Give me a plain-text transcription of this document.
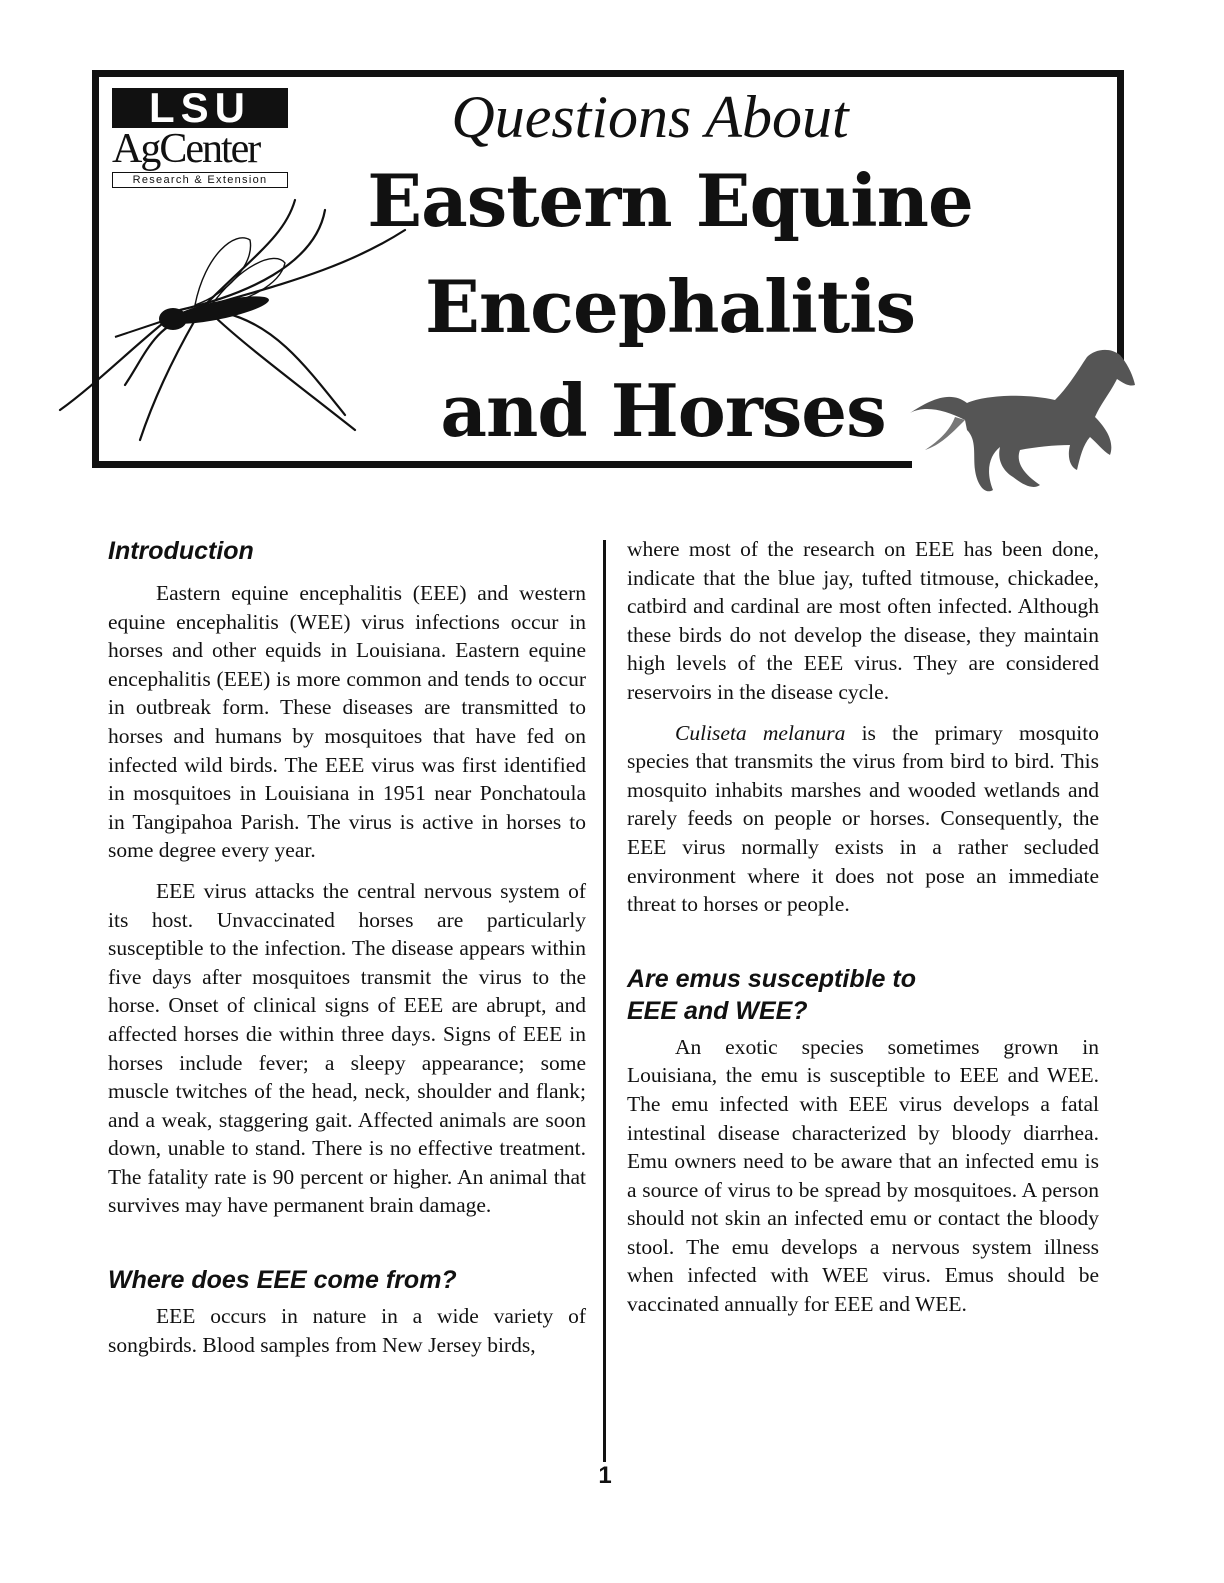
LSU
AgCenter
Research & Extension
Questions About
Eastern Equine
Encephalitis
and Horses
Introduction

Eastern equine encephalitis (EEE) and western equine encephalitis (WEE) virus infections occur in horses and other equids in Louisiana. Eastern equine encephalitis (EEE) is more common and tends to occur in outbreak form. These diseases are transmitted to horses and humans by mosquitoes that have fed on infected wild birds. The EEE virus was first identified in mosquitoes in Louisiana in 1951 near Ponchatoula in Tangipahoa Parish. The virus is active in horses to some degree every year.

EEE virus attacks the central nervous system of its host. Unvaccinated horses are particularly susceptible to the infection. The disease appears within five days after mosquitoes transmit the virus to the horse. Onset of clinical signs of EEE are abrupt, and affected horses die within three days. Signs of EEE in horses include fever; a sleepy appearance; some muscle twitches of the head, neck, shoulder and flank; and a weak, staggering gait. Affected animals are soon down, unable to stand. There is no effective treatment. The fatality rate is 90 percent or higher. An animal that survives may have permanent brain damage.

Where does EEE come from?

EEE occurs in nature in a wide variety of songbirds. Blood samples from New Jersey birds,

where most of the research on EEE has been done, indicate that the blue jay, tufted titmouse, chickadee, catbird and cardinal are most often infected. Although these birds do not develop the disease, they maintain high levels of the EEE virus. They are considered reservoirs in the disease cycle.

Culiseta melanura is the primary mosquito species that transmits the virus from bird to bird. This mosquito inhabits marshes and wooded wetlands and rarely feeds on people or horses. Consequently, the EEE virus normally exists in a rather secluded environment where it does not pose an immediate threat to horses or people.

Are emus susceptible to
EEE and WEE?

An exotic species sometimes grown in Louisiana, the emu is susceptible to EEE and WEE. The emu infected with EEE virus develops a fatal intestinal disease characterized by bloody diarrhea. Emu owners need to be aware that an infected emu is a source of virus to be spread by mosquitoes. A person should not skin an infected emu or contact the bloody stool. The emu develops a nervous system illness when infected with WEE virus. Emus should be vaccinated annually for EEE and WEE.

1
